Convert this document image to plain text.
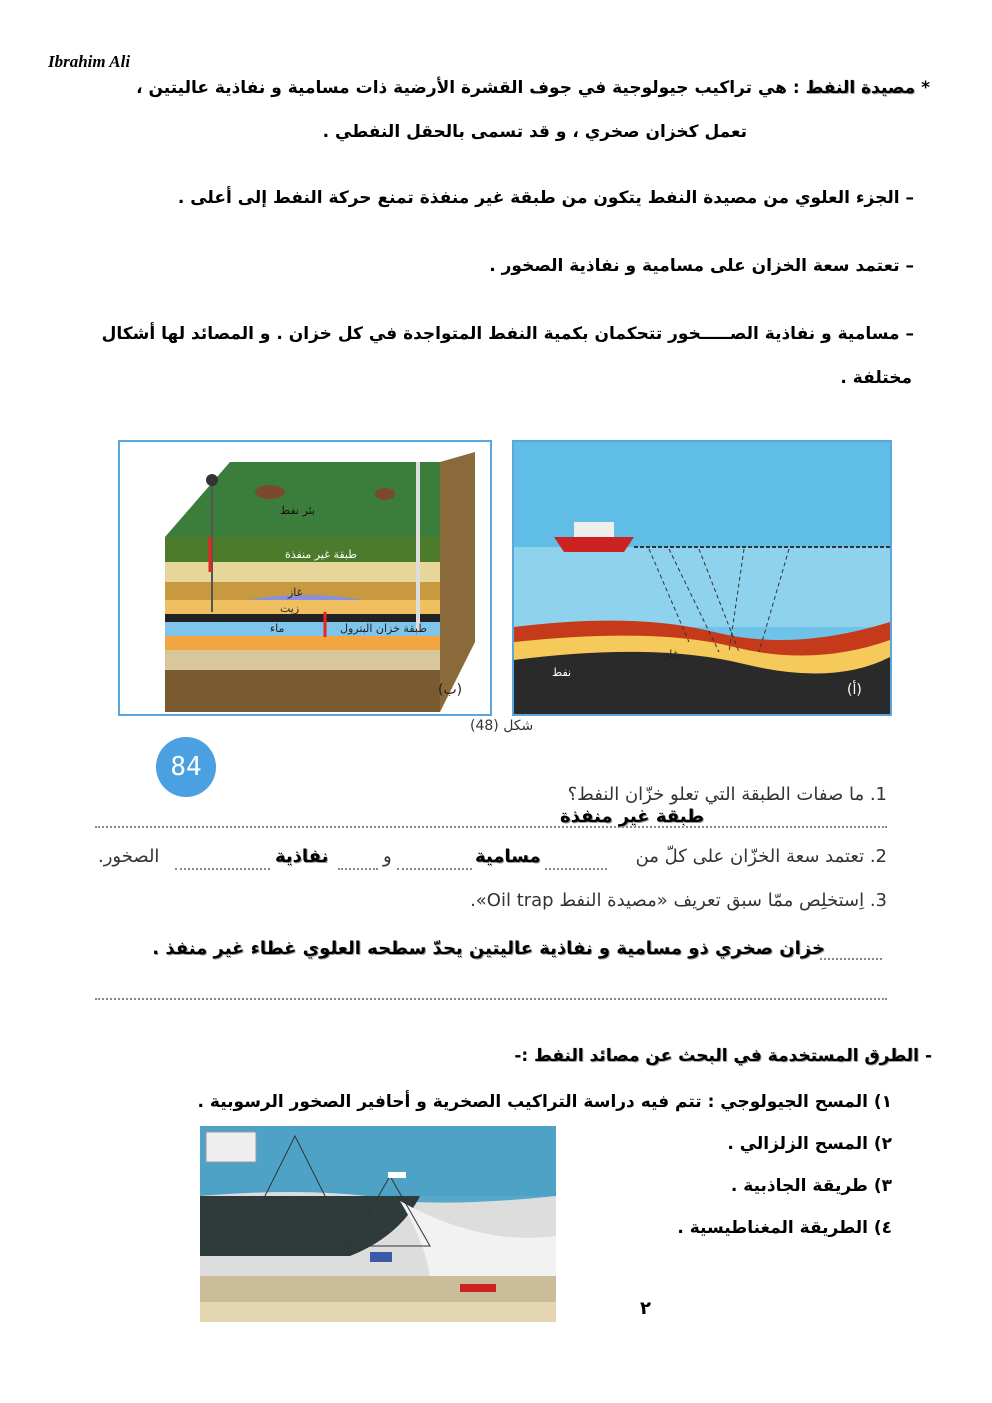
Ibrahim Ali
* مصيدة النفط : هي تراكيب جيولوجية في جوف القشرة الأرضية ذات مسامية و نفاذية عاليتين ،
تعمل كخزان صخري ، و قد تسمى بالحقل النفطي .
– الجزء العلوي من مصيدة النفط يتكون من طبقة غير منفذة تمنع حركة النفط إلى أعلى .
– تعتمد سعة الخزان على مسامية و نفاذية الصخور .
– مسامية و نفاذية الصـــــخور تتحكمان بكمية النفط المتواجدة في كل خزان . و المصائد لها أشكال
مختلفة .
بئر نفط
طبقة غير منفذة
غاز
زيت
ماء	طبقة خزان البترول
(ب)
غاز
نفط
(أ)
شكل (48)
84
1. ما صفات الطبقة التي تعلو خزّان النفط؟
طبقة غير منفذة
2. تعتمد سعة الخزّان على كلّ من
مسامية
و
نفاذية
الصخور.
3. اِستخلِص ممّا سبق تعريف «مصيدة النفط Oil trap».
خزان صخري ذو مسامية و نفاذية عاليتين يحدّ سطحه العلوي غطاء غير منفذ .
- الطرق المستخدمة في البحث عن مصائد النفط :-
١) المسح الجيولوجي : تتم فيه دراسة التراكيب الصخرية و أحافير الصخور الرسوبية .
٢) المسح الزلزالي .
٣) طريقة الجاذبية .
٤) الطريقة المغناطيسية .
٢
